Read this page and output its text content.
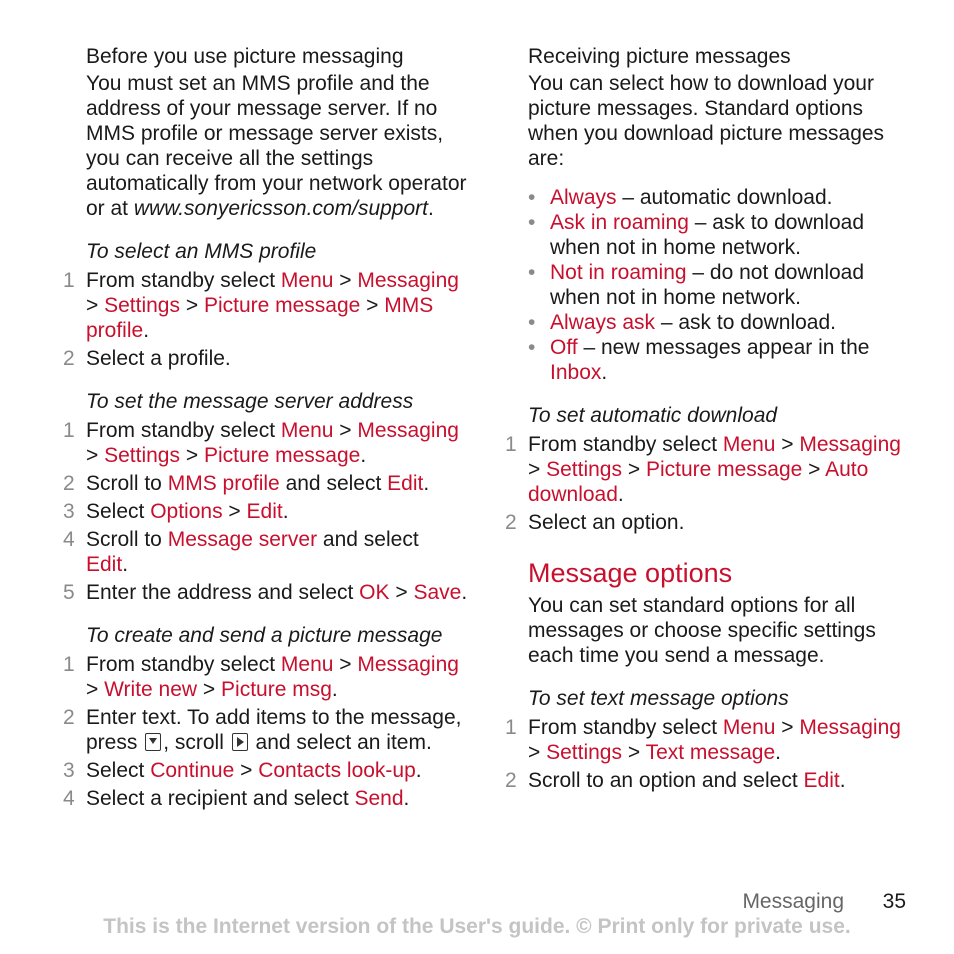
Before you use picture messaging
You must set an MMS profile and the address of your message server. If no MMS profile or message server exists, you can receive all the settings automatically from your network operator or at www.sonyericsson.com/support.
To select an MMS profile
1 From standby select Menu > Messaging
> Settings > Picture message > MMS profile.
2 Select a profile.
To set the message server address
1 From standby select Menu > Messaging
> Settings > Picture message.
2 Scroll to MMS profile and select Edit.
3 Select Options > Edit.
4 Scroll to Message server and select
Edit.
5 Enter the address and select OK > Save.
To create and send a picture message
1 From standby select Menu > Messaging
> Write new > Picture msg.
2 Enter text. To add items to the message, press , scroll  and select an item.
3 Select Continue > Contacts look-up.
4 Select a recipient and select Send.
Receiving picture messages
You can select how to download your picture messages. Standard options when you download picture messages are:
• Always – automatic download.
• Ask in roaming – ask to download when not in home network.
• Not in roaming – do not download when not in home network.
• Always ask – ask to download.
• Off – new messages appear in the Inbox.
To set automatic download
1 From standby select Menu > Messaging
> Settings > Picture message > Auto download.
2 Select an option.
Message options
You can set standard options for all messages or choose specific settings each time you send a message.
To set text message options
1 From standby select Menu > Messaging
> Settings > Text message.
2 Scroll to an option and select Edit.
Messaging 35
This is the Internet version of the User's guide. © Print only for private use.
